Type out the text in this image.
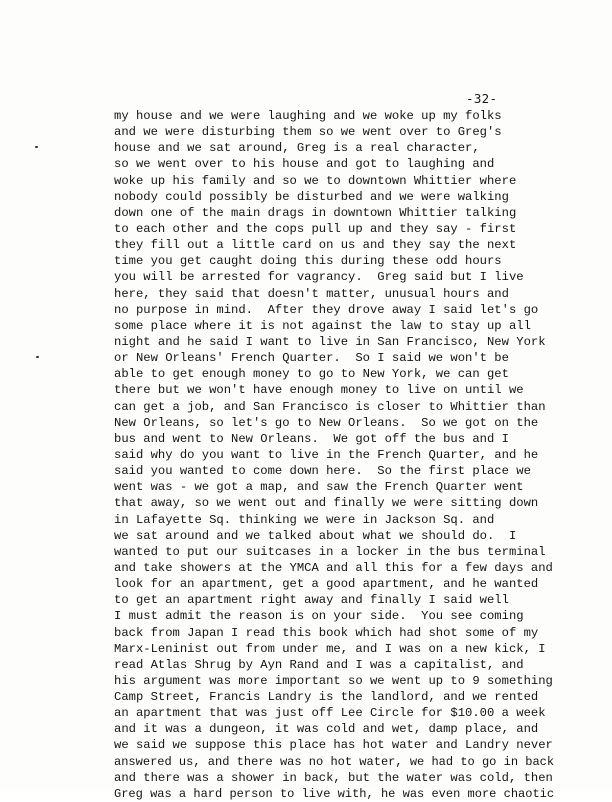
-32-
my house and we were laughing and we woke up my folks
and we were disturbing them so we went over to Greg's
house and we sat around, Greg is a real character,
so we went over to his house and got to laughing and
woke up his family and so we to downtown Whittier where
nobody could possibly be disturbed and we were walking
down one of the main drags in downtown Whittier talking
to each other and the cops pull up and they say - first
they fill out a little card on us and they say the next
time you get caught doing this during these odd hours
you will be arrested for vagrancy.  Greg said but I live
here, they said that doesn't matter, unusual hours and
no purpose in mind.  After they drove away I said let's go
some place where it is not against the law to stay up all
night and he said I want to live in San Francisco, New York
or New Orleans' French Quarter.  So I said we won't be
able to get enough money to go to New York, we can get
there but we won't have enough money to live on until we
can get a job, and San Francisco is closer to Whittier than
New Orleans, so let's go to New Orleans.  So we got on the
bus and went to New Orleans.  We got off the bus and I
said why do you want to live in the French Quarter, and he
said you wanted to come down here.  So the first place we
went was - we got a map, and saw the French Quarter went
that away, so we went out and finally we were sitting down
in Lafayette Sq. thinking we were in Jackson Sq. and
we sat around and we talked about what we should do.  I
wanted to put our suitcases in a locker in the bus terminal
and take showers at the YMCA and all this for a few days and
look for an apartment, get a good apartment, and he wanted
to get an apartment right away and finally I said well
I must admit the reason is on your side.  You see coming
back from Japan I read this book which had shot some of my
Marx-Leninist out from under me, and I was on a new kick, I
read Atlas Shrug by Ayn Rand and I was a capitalist, and
his argument was more important so we went up to 9 something
Camp Street, Francis Landry is the landlord, and we rented
an apartment that was just off Lee Circle for $10.00 a week
and it was a dungeon, it was cold and wet, damp place, and
we said we suppose this place has hot water and Landry never
answered us, and there was no hot water, we had to go in back
and there was a shower in back, but the water was cold, then
Greg was a hard person to live with, he was even more chaotic
